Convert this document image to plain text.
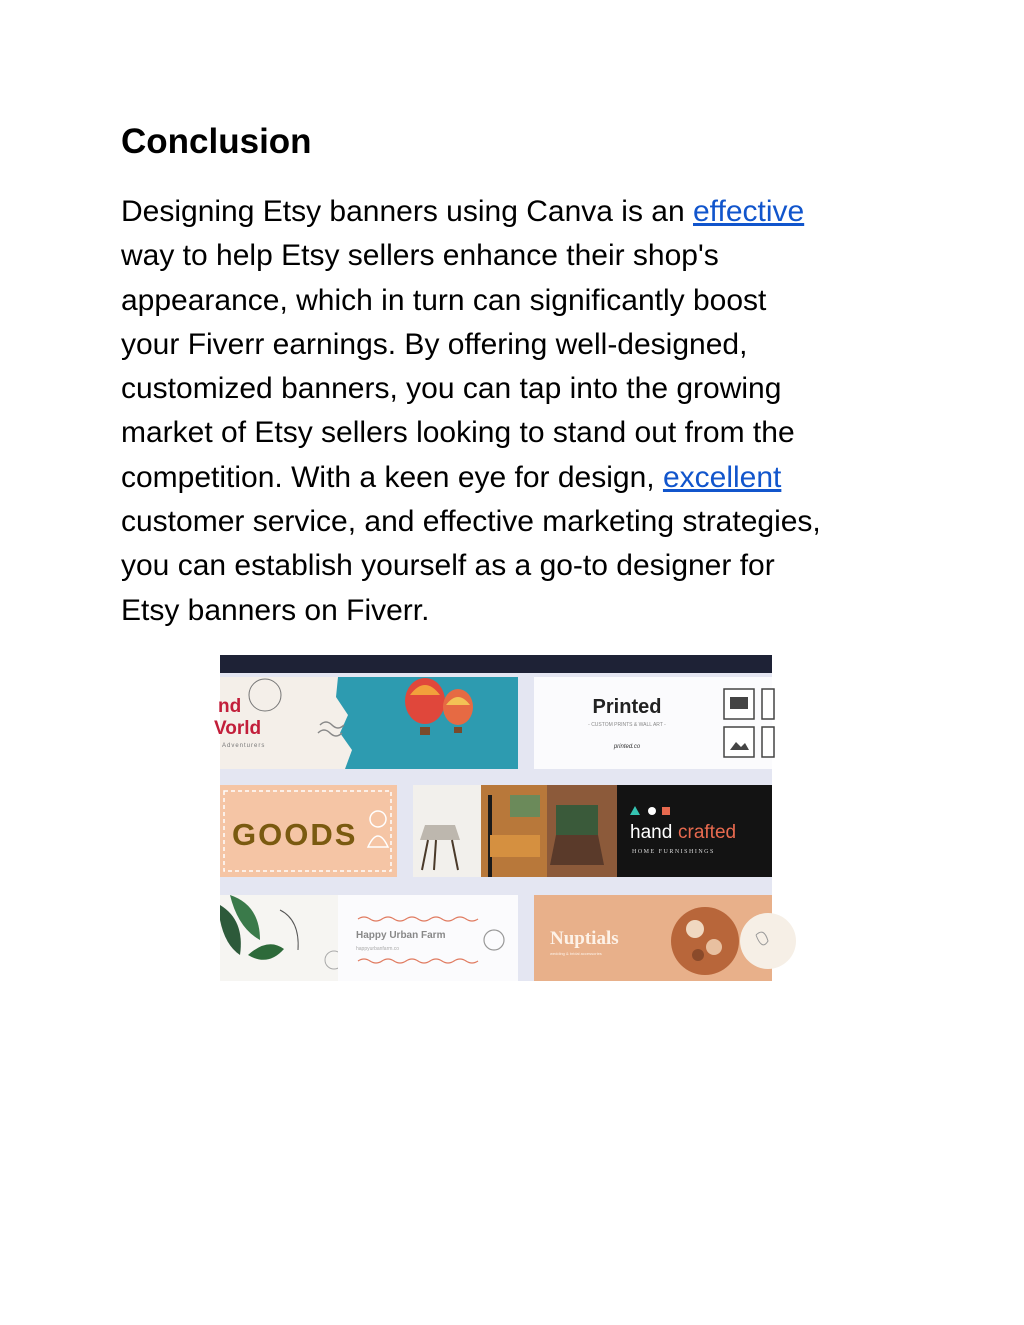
Conclusion

Designing Etsy banners using Canva is an effective
way to help Etsy sellers enhance their shop's
appearance, which in turn can significantly boost
your Fiverr earnings. By offering well-designed,
customized banners, you can tap into the growing
market of Etsy sellers looking to stand out from the
competition. With a keen eye for design, excellent
customer service, and effective marketing strategies,
you can establish yourself as a go-to designer for
Etsy banners on Fiverr.

nd
Vorld
Adventurers
Printed
- CUSTOM PRINTS & WALL ART -
printed.co
GOODS	hand crafted
HOME FURNISHINGS
Happy Urban Farm
happyurbanfarm.co	Nuptials
wedding & bridal accessories
